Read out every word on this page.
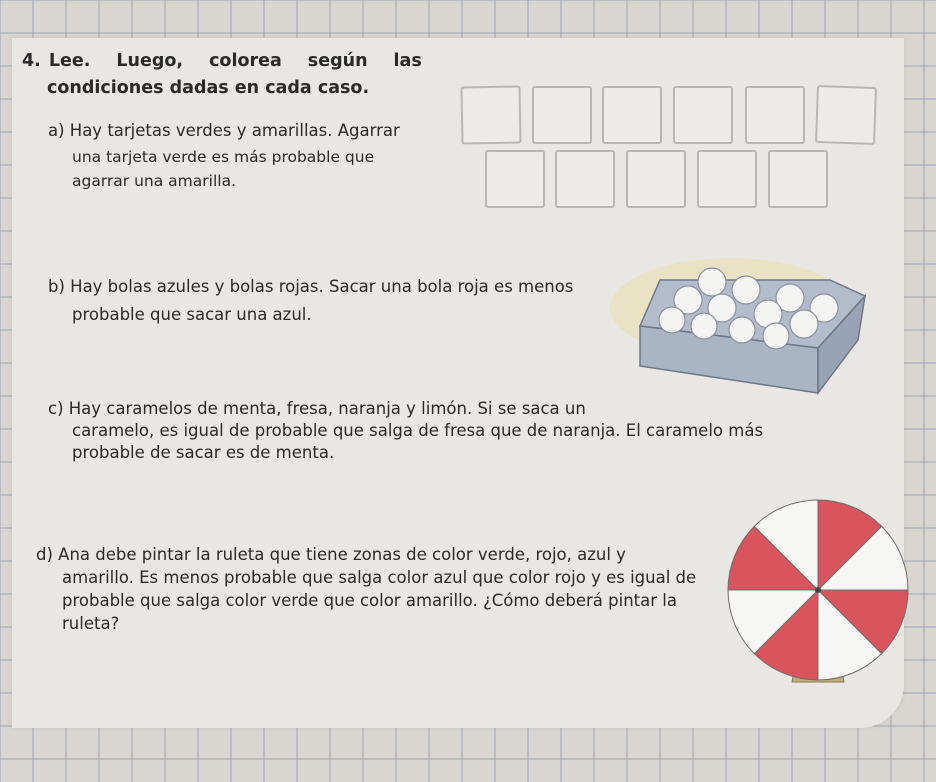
4. Lee. Luego, colorea según las
condiciones dadas en cada caso.
a) Hay tarjetas verdes y amarillas. Agarrar
una tarjeta verde es más probable que
agarrar una amarilla.
b) Hay bolas azules y bolas rojas. Sacar una bola roja es menos
probable que sacar una azul.
c) Hay caramelos de menta, fresa, naranja y limón. Si se saca un
caramelo, es igual de probable que salga de fresa que de naranja. El caramelo más
probable de sacar es de menta.
d) Ana debe pintar la ruleta que tiene zonas de color verde, rojo, azul y
amarillo. Es menos probable que salga color azul que color rojo y es igual de
probable que salga color verde que color amarillo. ¿Cómo deberá pintar la
ruleta?
